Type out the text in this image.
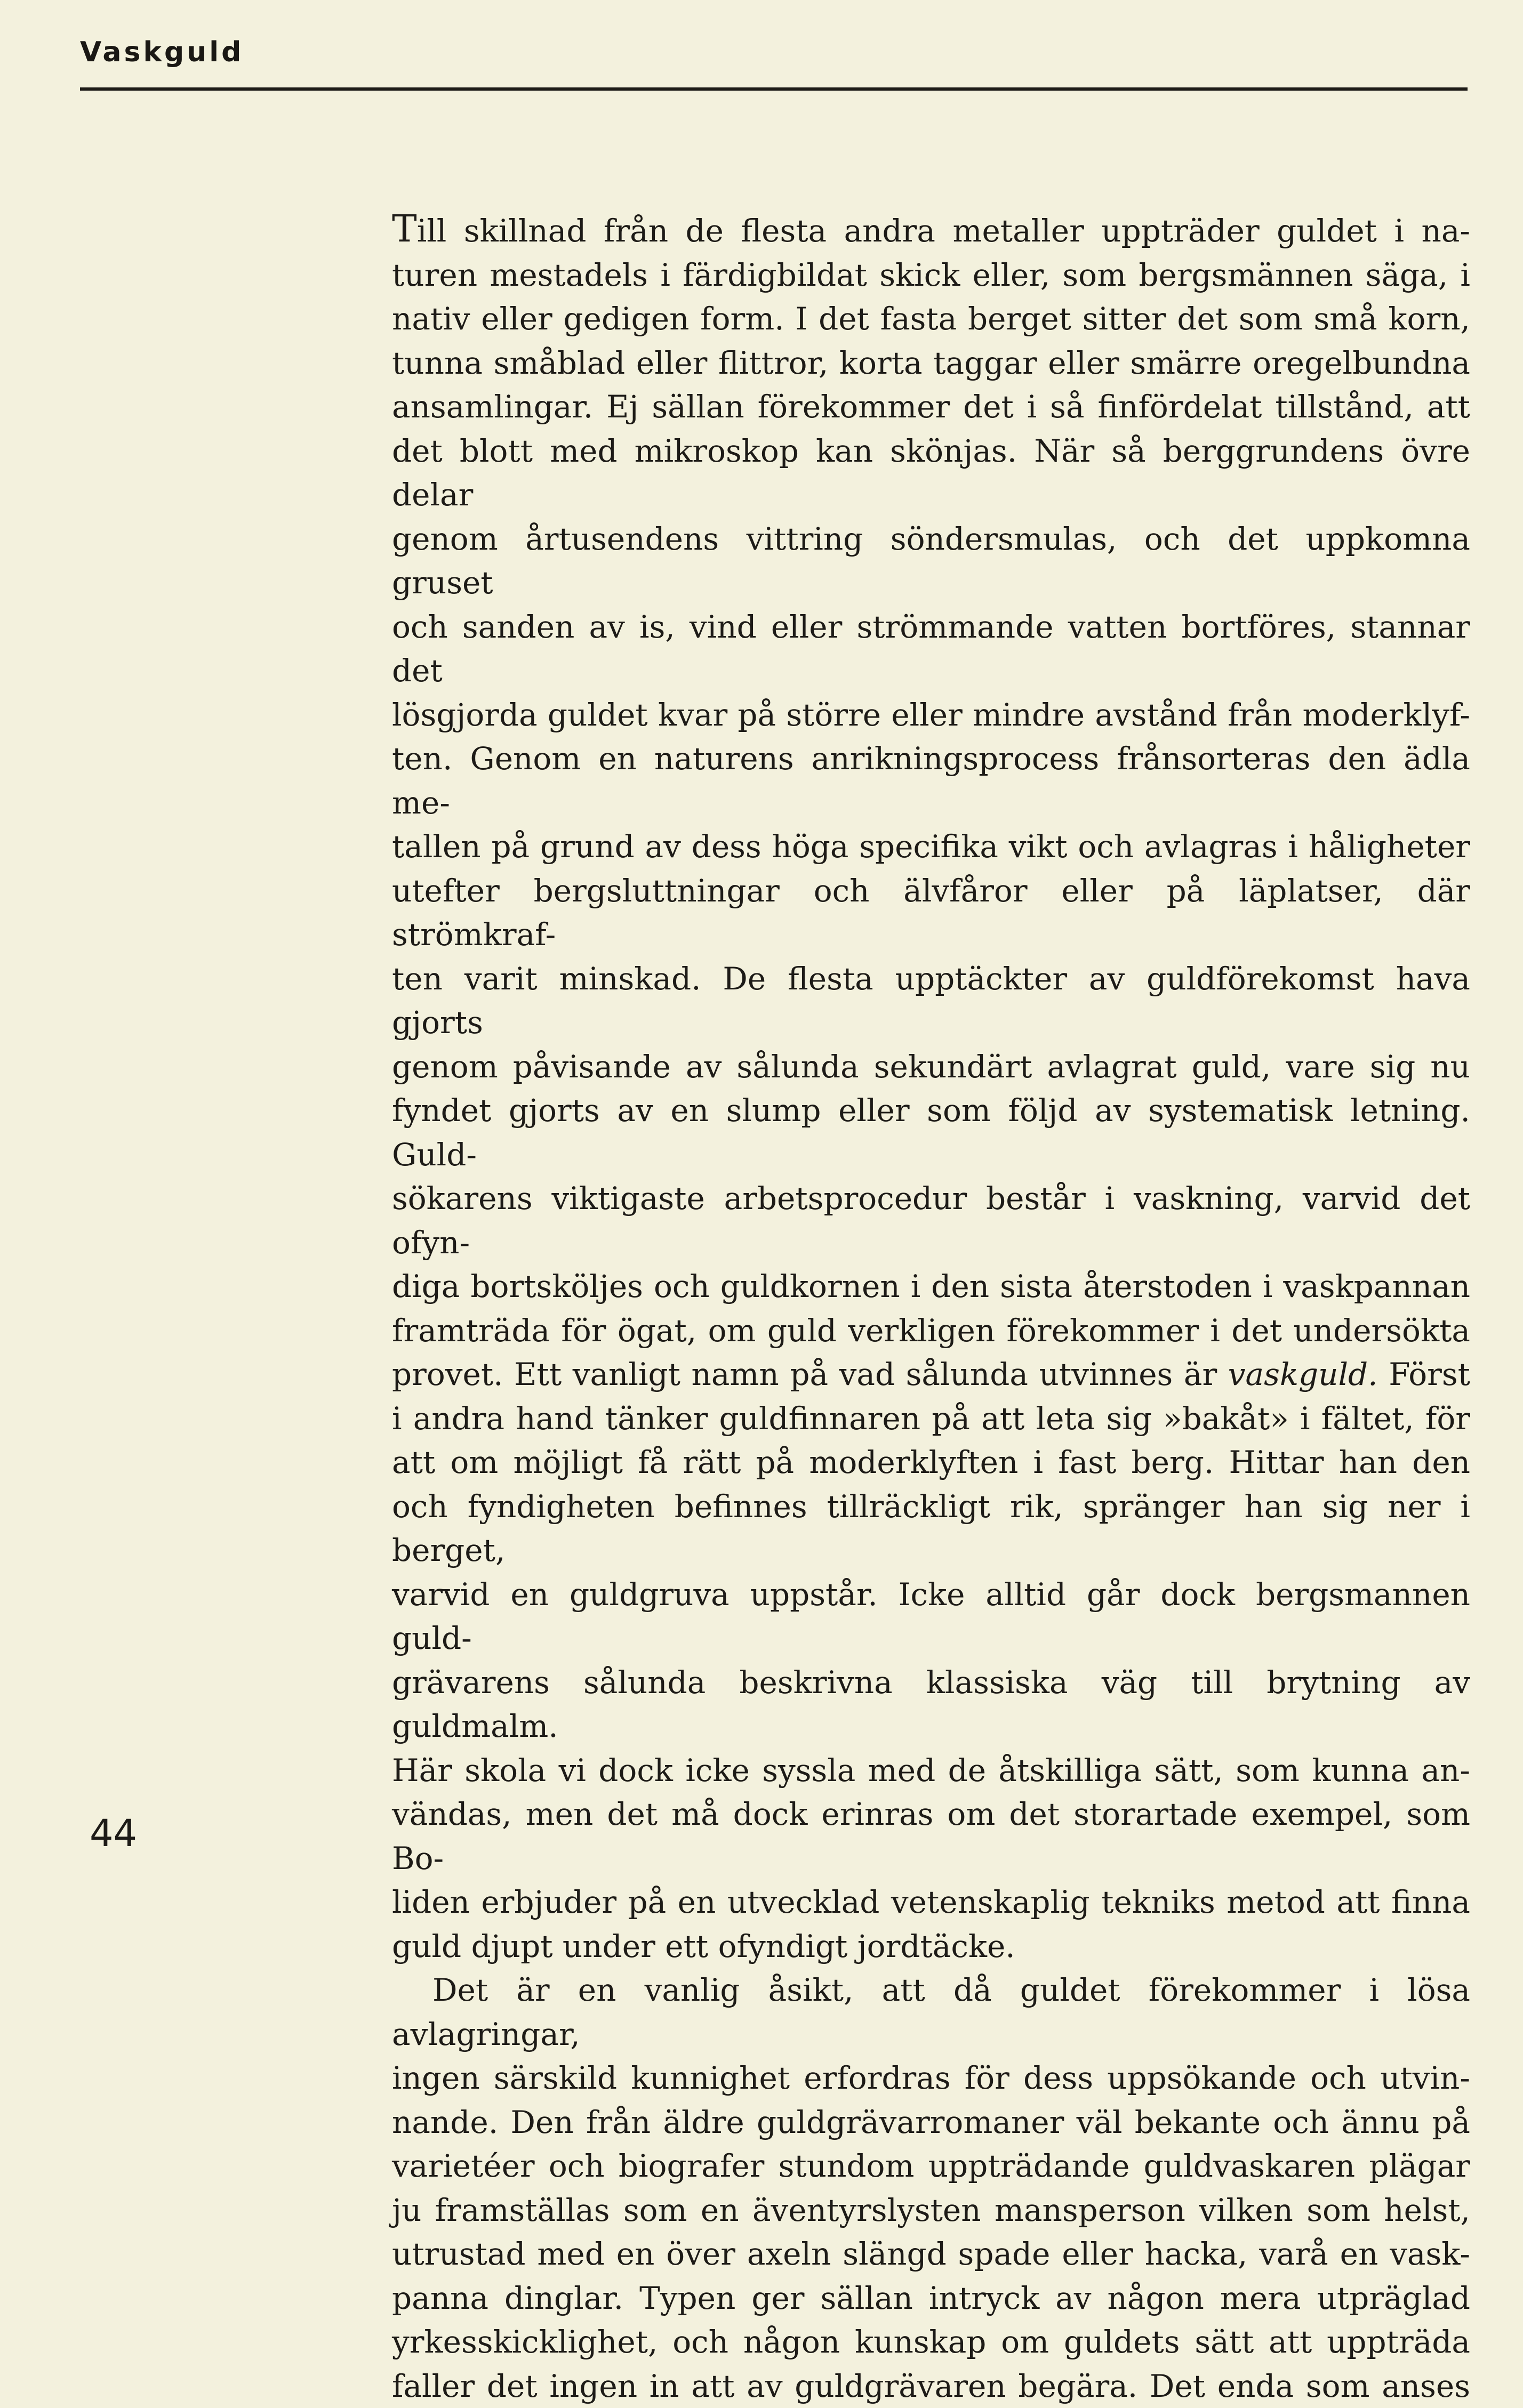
Vaskguld

Till skillnad från de flesta andra metaller uppträder guldet i na-

turen mestadels i färdigbildat skick eller, som bergsmännen säga, i

nativ eller gedigen form. I det fasta berget sitter det som små korn,

tunna småblad eller flittror, korta taggar eller smärre oregelbundna

ansamlingar. Ej sällan förekommer det i så finfördelat tillstånd, att

det blott med mikroskop kan skönjas. När så berggrundens övre delar

genom årtusendens vittring söndersmulas, och det uppkomna gruset

och sanden av is, vind eller strömmande vatten bortföres, stannar det

lösgjorda guldet kvar på större eller mindre avstånd från moderklyf-

ten. Genom en naturens anrikningsprocess frånsorteras den ädla me-

tallen på grund av dess höga specifika vikt och avlagras i håligheter

utefter bergsluttningar och älvfåror eller på läplatser, där strömkraf-

ten varit minskad. De flesta upptäckter av guldförekomst hava gjorts

genom påvisande av sålunda sekundärt avlagrat guld, vare sig nu

fyndet gjorts av en slump eller som följd av systematisk letning. Guld-

sökarens viktigaste arbetsprocedur består i vaskning, varvid det ofyn-

diga bortsköljes och guldkornen i den sista återstoden i vaskpannan

framträda för ögat, om guld verkligen förekommer i det undersökta

provet. Ett vanligt namn på vad sålunda utvinnes är vaskguld. Först

i andra hand tänker guldfinnaren på att leta sig »bakåt» i fältet, för

att om möjligt få rätt på moderklyften i fast berg. Hittar han den

och fyndigheten befinnes tillräckligt rik, spränger han sig ner i berget,

varvid en guldgruva uppstår. Icke alltid går dock bergsmannen guld-

grävarens sålunda beskrivna klassiska väg till brytning av guldmalm.

Här skola vi dock icke syssla med de åtskilliga sätt, som kunna an-

vändas, men det må dock erinras om det storartade exempel, som Bo-

liden erbjuder på en utvecklad vetenskaplig tekniks metod att finna

guld djupt under ett ofyndigt jordtäcke.

Det är en vanlig åsikt, att då guldet förekommer i lösa avlagringar,

ingen särskild kunnighet erfordras för dess uppsökande och utvin-

nande. Den från äldre guldgrävarromaner väl bekante och ännu på

varietéer och biografer stundom uppträdande guldvaskaren plägar

ju framställas som en äventyrslysten mansperson vilken som helst,

utrustad med en över axeln slängd spade eller hacka, varå en vask-

panna dinglar. Typen ger sällan intryck av någon mera utpräglad

yrkesskicklighet, och någon kunskap om guldets sätt att uppträda

faller det ingen in att av guldgrävaren begära. Det enda som anses

44
